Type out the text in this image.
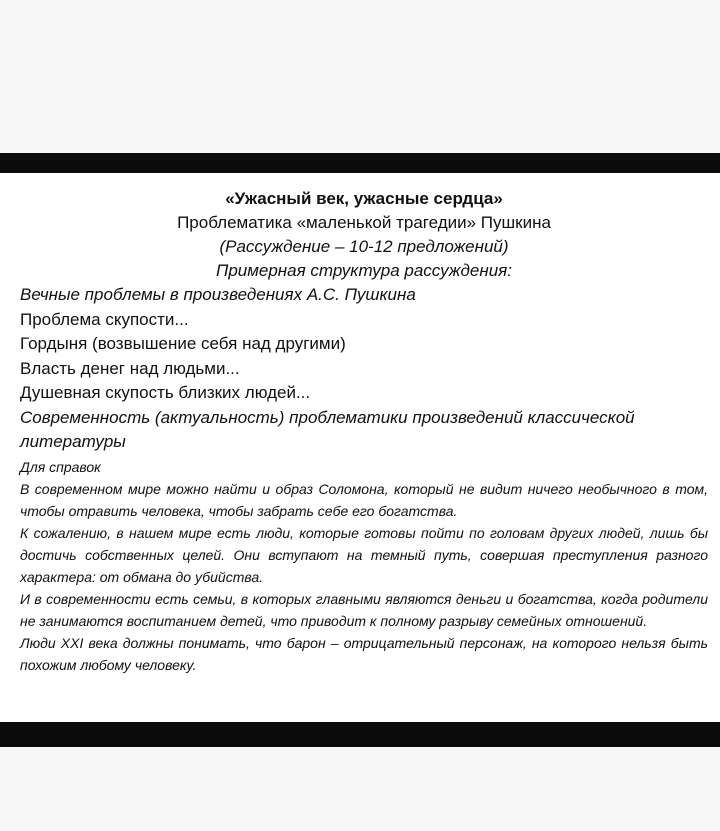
«Ужасный век, ужасные сердца»

Проблематика «маленькой трагедии» Пушкина

(Рассуждение – 10-12 предложений)

Примерная структура рассуждения:

Вечные проблемы в произведениях А.С. Пушкина

Проблема скупости...

Гордыня (возвышение себя над другими)

Власть денег над людьми...

Душевная скупость близких людей...

Современность (актуальность) проблематики произведений классической литературы

Для справок

В современном мире можно найти и образ Соломона, который не видит ничего необычного в том, чтобы отравить человека, чтобы забрать себе его богатства.

К сожалению, в нашем мире есть люди, которые готовы пойти по головам других людей, лишь бы достичь собственных целей. Они вступают на темный путь, совершая преступления разного характера: от обмана до убийства.

И в современности есть семьи, в которых главными являются деньги и богатства, когда родители не занимаются воспитанием детей, что приводит к полному разрыву семейных отношений.

Люди XXI века должны понимать, что барон – отрицательный персонаж, на которого нельзя быть похожим любому человеку.
